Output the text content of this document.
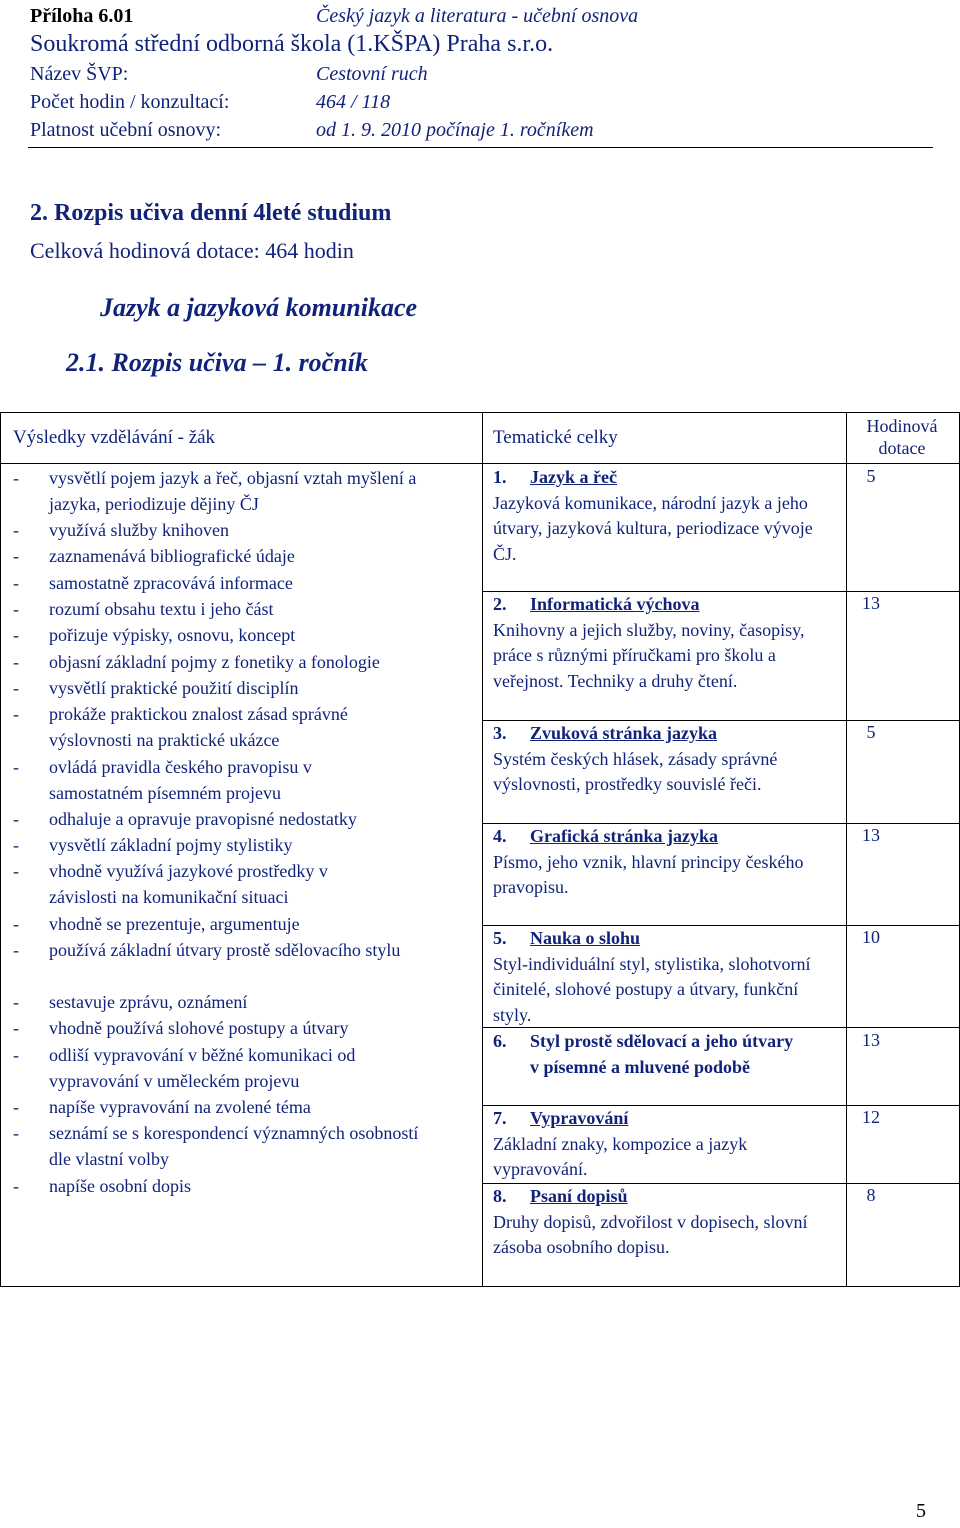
Příloha 6.01	Český jazyk a literatura - učební osnova
Soukromá střední odborná škola (1.KŠPA) Praha s.r.o.
Název ŠVP:	Cestovní ruch
Počet hodin / konzultací:	464 / 118
Platnost učební osnovy:	od 1. 9. 2010 počínaje 1. ročníkem
2. Rozpis učiva denní 4leté studium
Celková hodinová dotace: 464 hodin
Jazyk a jazyková komunikace
2.1. Rozpis učiva – 1. ročník
Výsledky vzdělávání - žák	Tematické celky
Hodinová
dotace
-	vysvětlí pojem jazyk a řeč, objasní vztah myšlení a jazyka, periodizuje dějiny ČJ
-	využívá služby knihoven
-	zaznamenává bibliografické údaje
-	samostatně zpracovává informace
-	rozumí obsahu textu i jeho část
-	pořizuje výpisky, osnovu, koncept
-	objasní základní pojmy z fonetiky a fonologie
-	vysvětlí praktické použití disciplín
-	prokáže praktickou znalost zásad správné výslovnosti na praktické ukázce
-	ovládá pravidla českého pravopisu v samostatném písemném projevu
-	odhaluje a opravuje pravopisné nedostatky
-	vysvětlí základní pojmy stylistiky
-	vhodně využívá jazykové prostředky v závislosti na komunikační situaci
-	vhodně se prezentuje, argumentuje
-	používá základní útvary prostě sdělovacího stylu
-	sestavuje zprávu, oznámení
-	vhodně používá slohové postupy a útvary
-	odliší vypravování v běžné komunikaci od vypravování v uměleckém projevu
-	napíše vypravování na zvolené téma
-	seznámí se s korespondencí významných osobností dle vlastní volby
-	napíše osobní dopis
1.	Jazyk a řeč
Jazyková komunikace, národní jazyk a jeho útvary, jazyková kultura, periodizace vývoje ČJ.
5
2.	Informatická výchova
Knihovny a jejich služby, noviny, časopisy, práce s různými příručkami pro školu a veřejnost. Techniky a druhy čtení.
13
3.	Zvuková stránka jazyka
Systém českých hlásek, zásady správné výslovnosti, prostředky souvislé řeči.
5
4.	Grafická stránka jazyka
Písmo, jeho vznik, hlavní principy českého pravopisu.
13
5.	Nauka o slohu
Styl-individuální styl, stylistika, slohotvorní činitelé, slohové postupy a útvary, funkční styly.
10
6.	Styl prostě sdělovací a jeho útvary v písemné a mluvené podobě
13
7.	Vypravování
Základní znaky, kompozice a jazyk vypravování.
12
8.	Psaní dopisů
Druhy dopisů, zdvořilost v dopisech, slovní zásoba osobního dopisu.
8
5
